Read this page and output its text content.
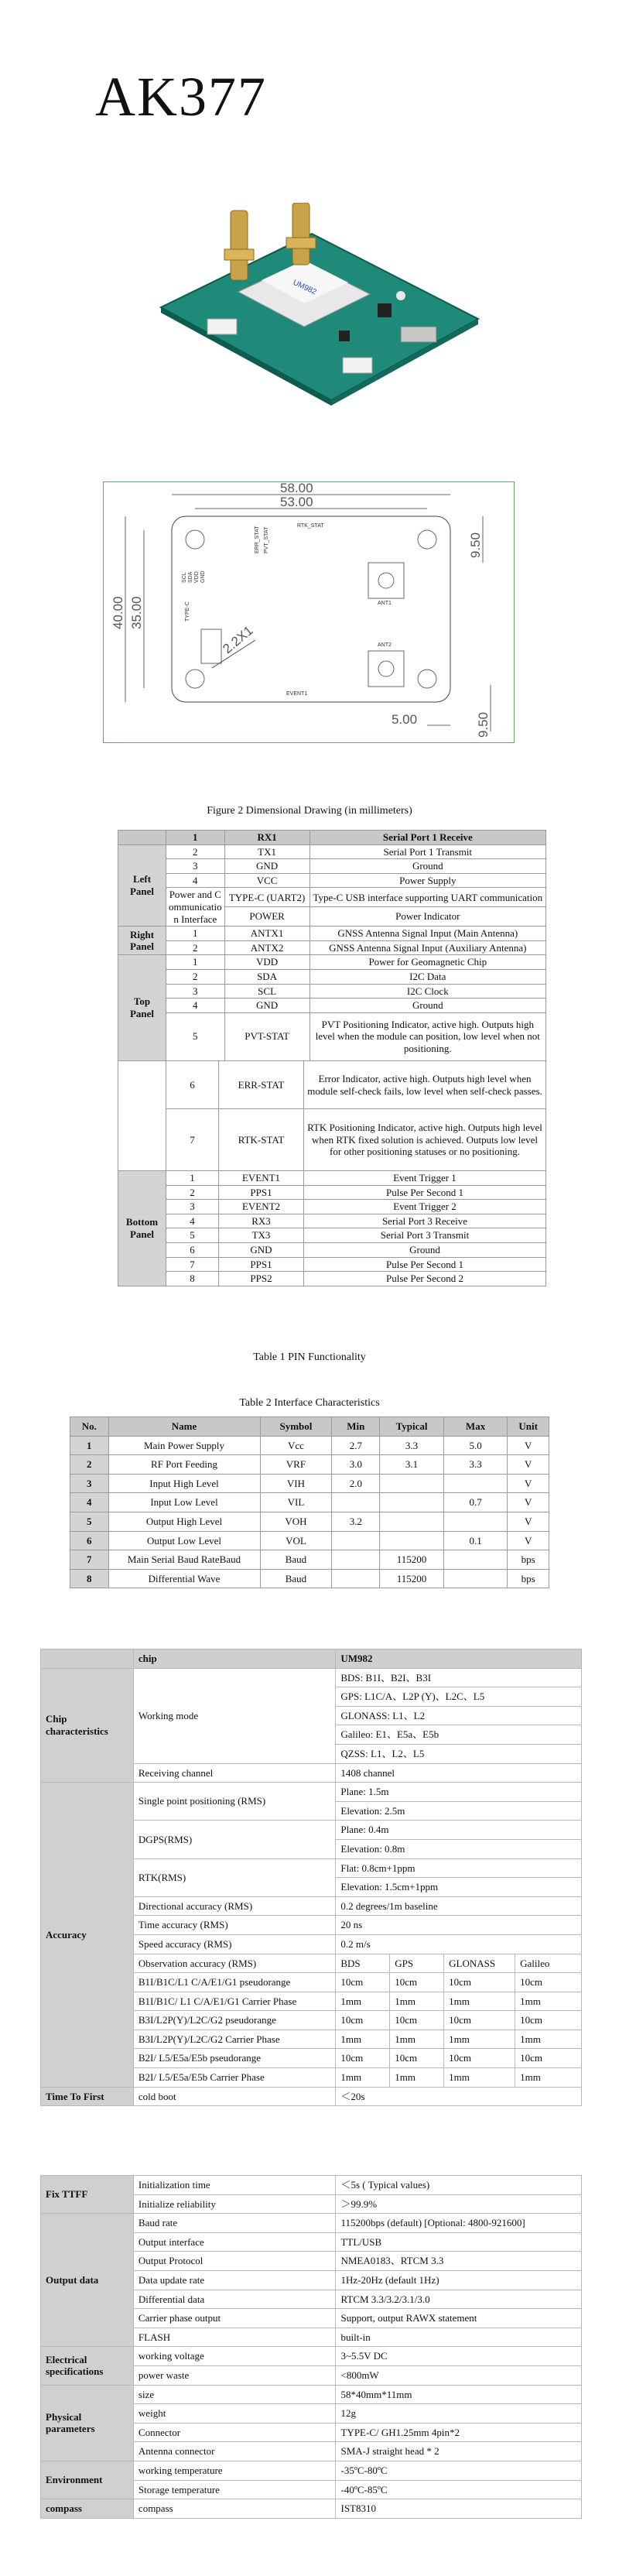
AK377
UM982
58.00
53.00
40.00 35.00
9.50
5.00	9.50
2.2X1
RTK_STAT
ERR_STAT PVT_STAT
ANT1
ANT2
EVENT1
TYPE-C
SCL SDA VDD GND
Figure 2 Dimensional Drawing (in millimeters)
	1	RX1	Serial Port 1 Receive
Left Panel	2	TX1	Serial Port 1 Transmit
	3	GND	Ground
	4	VCC	Power Supply
	Power and C ommunicatio n Interface	TYPE-C (UART2)	Type-C USB interface supporting UART communication
		POWER	Power Indicator

Right Panel	1	ANTX1	GNSS Antenna Signal Input (Main Antenna)
	2	ANTX2	GNSS Antenna Signal Input (Auxiliary Antenna)
Top Panel	1	VDD	Power for Geomagnetic Chip
	2	SDA	I2C Data
	3	SCL	I2C Clock
	4	GND	Ground
	5	PVT-STAT	PVT Positioning Indicator, active high. Outputs high level when the module can position, low level when not positioning.
	6	ERR-STAT	Error Indicator, active high. Outputs high level when module self-check fails, low level when self-check passes.
	7	RTK-STAT	RTK Positioning Indicator, active high. Outputs high level when RTK fixed solution is achieved. Outputs low level for other positioning statuses or no positioning.
Bottom Panel	1	EVENT1	Event Trigger 1
	2	PPS1	Pulse Per Second 1
	3	EVENT2	Event Trigger 2
	4	RX3	Serial Port 3 Receive
	5	TX3	Serial Port 3 Transmit
	6	GND	Ground
	7	PPS1	Pulse Per Second 1
	8	PPS2	Pulse Per Second 2
Table 1 PIN Functionality
Table 2 Interface Characteristics
No.	Name	Symbol	Min	Typical	Max	Unit
1	Main Power Supply	Vcc	2.7	3.3	5.0	V
2	RF Port Feeding	VRF	3.0	3.1	3.3	V
3	Input High Level	VIH	2.0			V
4	Input Low Level	VIL			0.7	V
5	Output High Level	VOH	3.2			V
6	Output Low Level	VOL			0.1	V
7	Main Serial Baud RateBaud	Baud		115200		bps
8	Differential Wave	Baud		115200		bps
	chip	UM982			
Chip characteristics	Working mode	BDS: B1I、B2I、B3I			
		GPS: L1C/A、L2P (Y)、L2C、L5			
		GLONASS: L1、L2			
		Galileo: E1、E5a、E5b			
		QZSS: L1、L2、L5			
	Receiving channel	1408 channel			
Accuracy	Single point positioning (RMS)	Plane: 1.5m			
		Elevation: 2.5m			
	DGPS(RMS)	Plane: 0.4m			
		Elevation: 0.8m			
	RTK(RMS)	Flat: 0.8cm+1ppm			
		Elevation: 1.5cm+1ppm			
	Directional accuracy (RMS)	0.2 degrees/1m baseline			
	Time accuracy (RMS)	20 ns			
	Speed accuracy (RMS)	0.2 m/s			
	Observation accuracy (RMS)	BDS	GPS	GLONASS	Galileo
	B1I/B1C/L1 C/A/E1/G1 pseudorange	10cm	10cm	10cm	10cm
	B1I/B1C/ L1 C/A/E1/G1 Carrier Phase	1mm	1mm	1mm	1mm
	B3I/L2P(Y)/L2C/G2 pseudorange	10cm	10cm	10cm	10cm
	B3I/L2P(Y)/L2C/G2 Carrier Phase	1mm	1mm	1mm	1mm
	B2I/ L5/E5a/E5b pseudorange	10cm	10cm	10cm	10cm
	B2I/ L5/E5a/E5b Carrier Phase	1mm	1mm	1mm	1mm
Time To First	cold boot	＜20s			
Fix TTFF	Initialization time	＜5s ( Typical values)
	Initialize reliability	＞99.9%
Output data	Baud rate	115200bps (default) [Optional: 4800-921600]
	Output interface	TTL/USB
	Output Protocol	NMEA0183、RTCM 3.3
	Data update rate	1Hz-20Hz (default 1Hz)
	Differential data	RTCM 3.3/3.2/3.1/3.0
	Carrier phase output	Support, output RAWX statement
	FLASH	built-in
Electrical specifications	working voltage	3~5.5V DC
	power waste	<800mW
Physical parameters	size	58*40mm*11mm
	weight	12g
	Connector	TYPE-C/ GH1.25mm 4pin*2
	Antenna connector	SMA-J straight head * 2
Environment	working temperature	-35ºC-80ºC
	Storage temperature	-40ºC-85ºC
compass	compass	IST8310
